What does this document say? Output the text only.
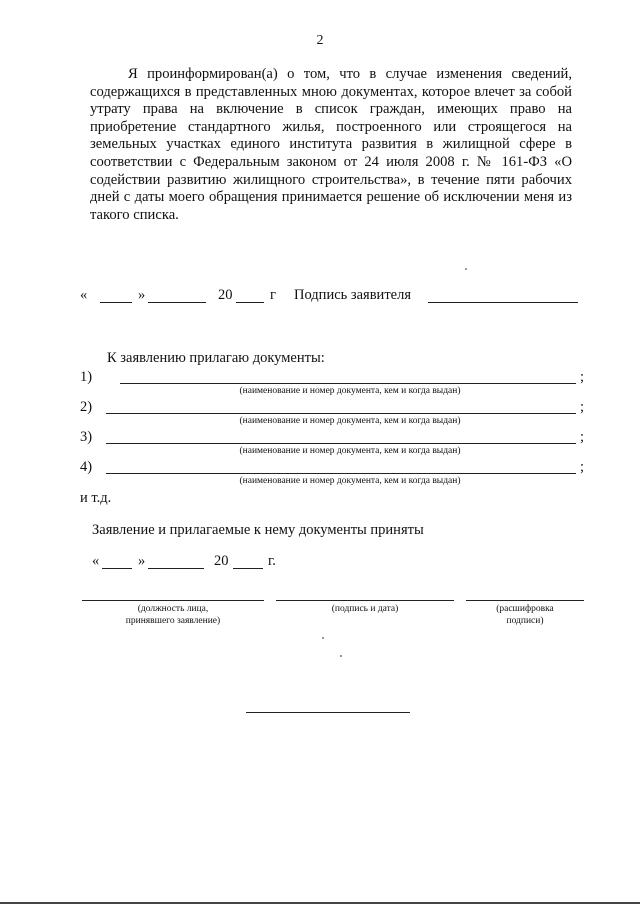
2
Я проинформирован(а) о том, что в случае изменения сведений, содержащихся в представленных мною документах, которое влечет за собой утрату права на включение в список граждан, имеющих право на приобретение стандартного жилья, построенного или строящегося на земельных участках единого института развития в жилищной сфере в соответствии с Федеральным законом от 24 июля 2008 г. № 161-ФЗ «О содействии развитию жилищного строительства», в течение пяти рабочих дней с даты моего обращения принимается решение об исключении меня из такого списка.
«	»	20	г Подпись заявителя
К заявлению прилагаю документы:
1)	;
(наименование и номер документа, кем и когда выдан)
2)	;
(наименование и номер документа, кем и когда выдан)
3)	;
(наименование и номер документа, кем и когда выдан)
4)	;
(наименование и номер документа, кем и когда выдан)
и т.д.
Заявление и прилагаемые к нему документы приняты
«	»	20	г.
(должность лица,
принявшего заявление)
(подпись и дата)	(расшифровка
подписи)
